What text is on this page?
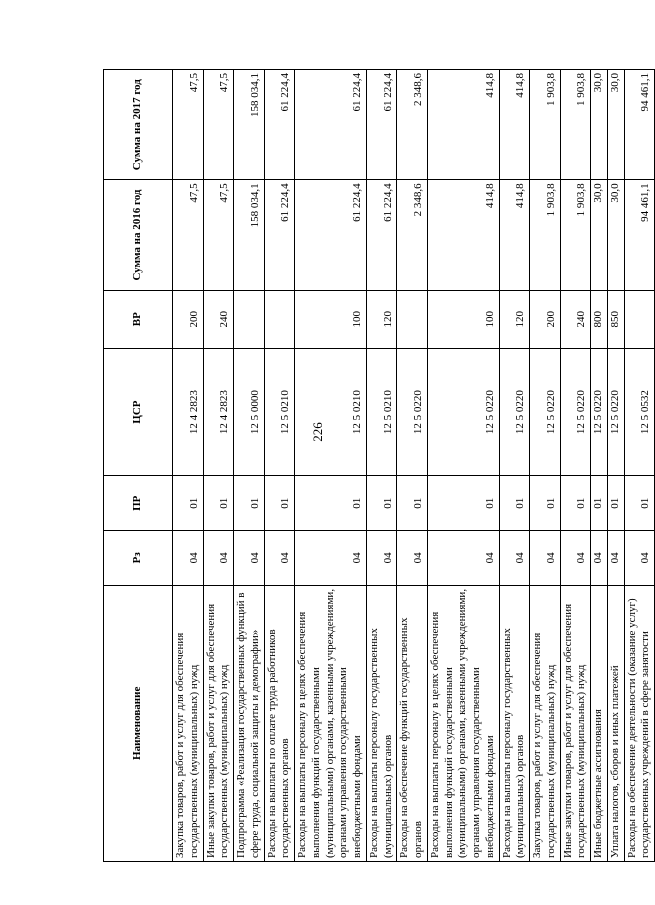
226
Наименование	Рз	ПР	ЦСР	ВР	Сумма на 2016 год	Сумма на 2017 год
Закупка товаров, работ и услуг для обеспечения государственных (муниципальных) нужд	04	01	12 4 2823	200	47,5	47,5
Иные закупки товаров, работ и услуг для обеспечения государственных (муниципальных) нужд	04	01	12 4 2823	240	47,5	47,5
Подпрограмма «Реализация государственных функций в сфере труда, социальной защиты и демографии»	04	01	12 5 0000		158 034,1	158 034,1
Расходы на выплаты по оплате труда работников государственных органов	04	01	12 5 0210		61 224,4	61 224,4
Расходы на выплаты персоналу в целях обеспечения выполнения функций государственными (муниципальными) органами, казенными учреждениями, органами управления государственными внебюджетными фондами	04	01	12 5 0210	100	61 224,4	61 224,4
Расходы на выплаты персоналу государственных (муниципальных) органов	04	01	12 5 0210	120	61 224,4	61 224,4
Расходы на обеспечение функций государственных органов	04	01	12 5 0220		2 348,6	2 348,6
Расходы на выплаты персоналу в целях обеспечения выполнения функций государственными (муниципальными) органами, казенными учреждениями, органами управления государственными внебюджетными фондами	04	01	12 5 0220	100	414,8	414,8
Расходы на выплаты персоналу государственных (муниципальных) органов	04	01	12 5 0220	120	414,8	414,8
Закупка товаров, работ и услуг для обеспечения государственных (муниципальных) нужд	04	01	12 5 0220	200	1 903,8	1 903,8
Иные закупки товаров, работ и услуг для обеспечения государственных (муниципальных) нужд	04	01	12 5 0220	240	1 903,8	1 903,8
Иные бюджетные ассигнования	04	01	12 5 0220	800	30,0	30,0
Уплата налогов, сборов и иных платежей	04	01	12 5 0220	850	30,0	30,0
Расходы на обеспечение деятельности (оказание услуг) государственных учреждений в сфере занятости	04	01	12 5 0532		94 461,1	94 461,1
